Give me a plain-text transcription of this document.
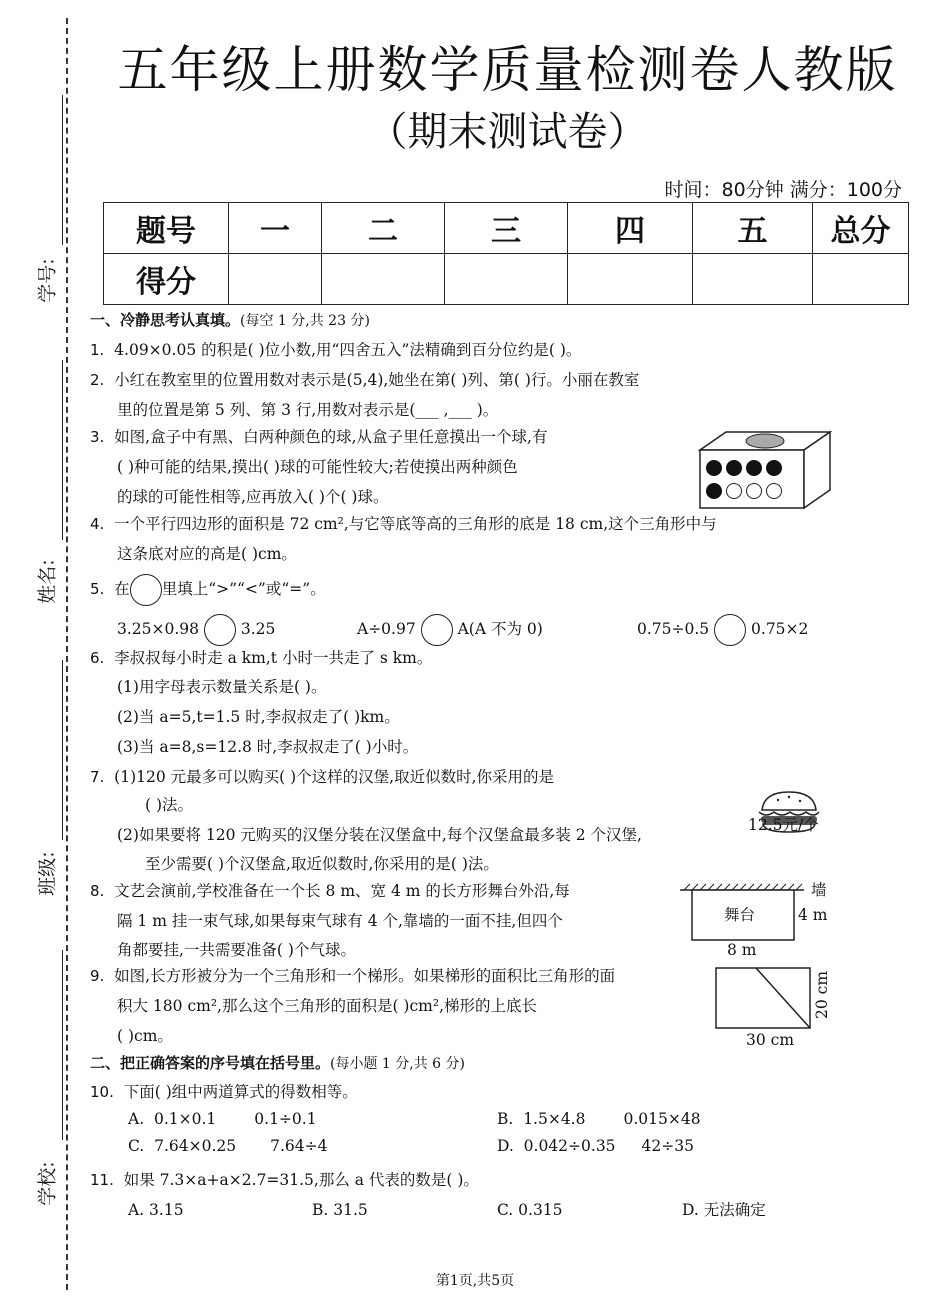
学号:
姓名:
班级:
学校:
五年级上册数学质量检测卷人教版
（期末测试卷）
时间：80分钟 满分：100分
题号	一	二	三	四	五	总分
得分						
一、冷静思考认真填。(每空 1 分,共 23 分)
1. 4.09×0.05 的积是( )位小数,用“四舍五入”法精确到百分位约是( )。
2. 小红在教室里的位置用数对表示是(5,4),她坐在第( )列、第( )行。小丽在教室
里的位置是第 5 列、第 3 行,用数对表示是(___ ,___ )。
3. 如图,盒子中有黑、白两种颜色的球,从盒子里任意摸出一个球,有
( )种可能的结果,摸出( )球的可能性较大;若使摸出两种颜色
的球的可能性相等,应再放入( )个( )球。
4. 一个平行四边形的面积是 72 cm²,与它等底等高的三角形的底是 18 cm,这个三角形中与
这条底对应的高是( )cm。
5. 在 里填上“>”“<”或“=”。
3.25×0.98	3.25	A÷0.97	A(A 不为 0)	0.75÷0.5	0.75×2
6. 李叔叔每小时走 a km,t 小时一共走了 s km。
(1)用字母表示数量关系是( )。
(2)当 a=5,t=1.5 时,李叔叔走了( )km。
(3)当 a=8,s=12.8 时,李叔叔走了( )小时。
7. (1)120 元最多可以购买( )个这样的汉堡,取近似数时,你采用的是
( )法。
(2)如果要将 120 元购买的汉堡分装在汉堡盒中,每个汉堡盒最多装 2 个汉堡,
至少需要( )个汉堡盒,取近似数时,你采用的是( )法。
12.5元/个
8. 文艺会演前,学校准备在一个长 8 m、宽 4 m 的长方形舞台外沿,每
隔 1 m 挂一束气球,如果每束气球有 4 个,靠墙的一面不挂,但四个
角都要挂,一共需要准备( )个气球。
墙
舞台	4 m
8 m
9. 如图,长方形被分为一个三角形和一个梯形。如果梯形的面积比三角形的面
积大 180 cm²,那么这个三角形的面积是( )cm²,梯形的上底长
( )cm。
20 cm
30 cm
二、把正确答案的序号填在括号里。(每小题 1 分,共 6 分)
10. 下面( )组中两道算式的得数相等。
A. 0.1×0.1 0.1÷0.1	B. 1.5×4.8 0.015×48
C. 7.64×0.25 7.64÷4	D. 0.042÷0.35 42÷35
11. 如果 7.3×a+a×2.7=31.5,那么 a 代表的数是( )。
A. 3.15	B. 31.5	C. 0.315	D. 无法确定
第1页,共5页
